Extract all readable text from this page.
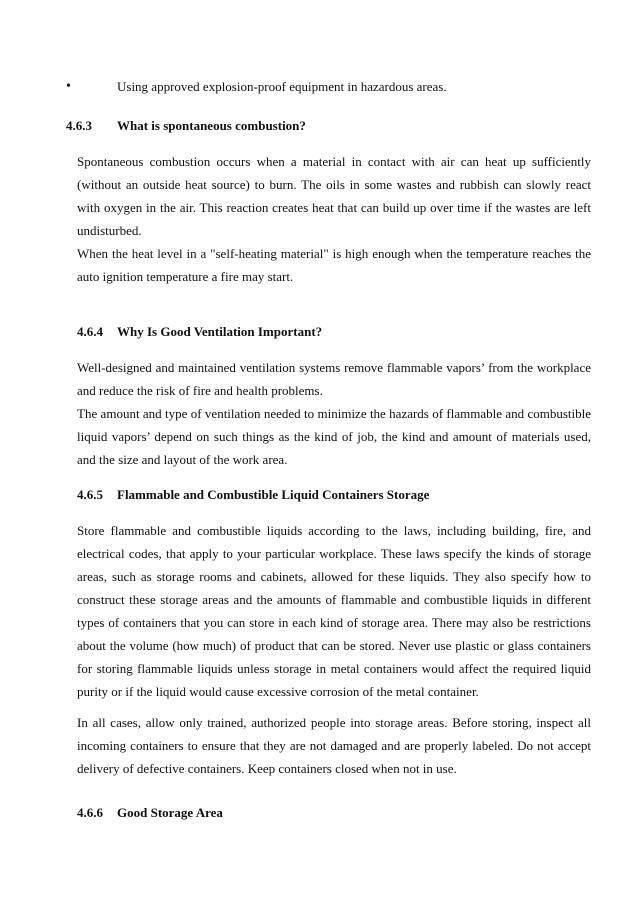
•	Using approved explosion-proof equipment in hazardous areas.
4.6.3 What is spontaneous combustion?

Spontaneous combustion occurs when a material in contact with air can heat up sufficiently (without an outside heat source) to burn. The oils in some wastes and rubbish can slowly react with oxygen in the air. This reaction creates heat that can build up over time if the wastes are left undisturbed.

When the heat level in a "self-heating material" is high enough when the temperature reaches the auto ignition temperature a fire may start.

4.6.4 Why Is Good Ventilation Important?

Well-designed and maintained ventilation systems remove flammable vapors’ from the workplace and reduce the risk of fire and health problems.

The amount and type of ventilation needed to minimize the hazards of flammable and combustible liquid vapors’ depend on such things as the kind of job, the kind and amount of materials used, and the size and layout of the work area.

4.6.5 Flammable and Combustible Liquid Containers Storage

Store flammable and combustible liquids according to the laws, including building, fire, and electrical codes, that apply to your particular workplace. These laws specify the kinds of storage areas, such as storage rooms and cabinets, allowed for these liquids. They also specify how to construct these storage areas and the amounts of flammable and combustible liquids in different types of containers that you can store in each kind of storage area. There may also be restrictions about the volume (how much) of product that can be stored. Never use plastic or glass containers for storing flammable liquids unless storage in metal containers would affect the required liquid purity or if the liquid would cause excessive corrosion of the metal container.

In all cases, allow only trained, authorized people into storage areas. Before storing, inspect all incoming containers to ensure that they are not damaged and are properly labeled. Do not accept delivery of defective containers. Keep containers closed when not in use.

4.6.6 Good Storage Area
